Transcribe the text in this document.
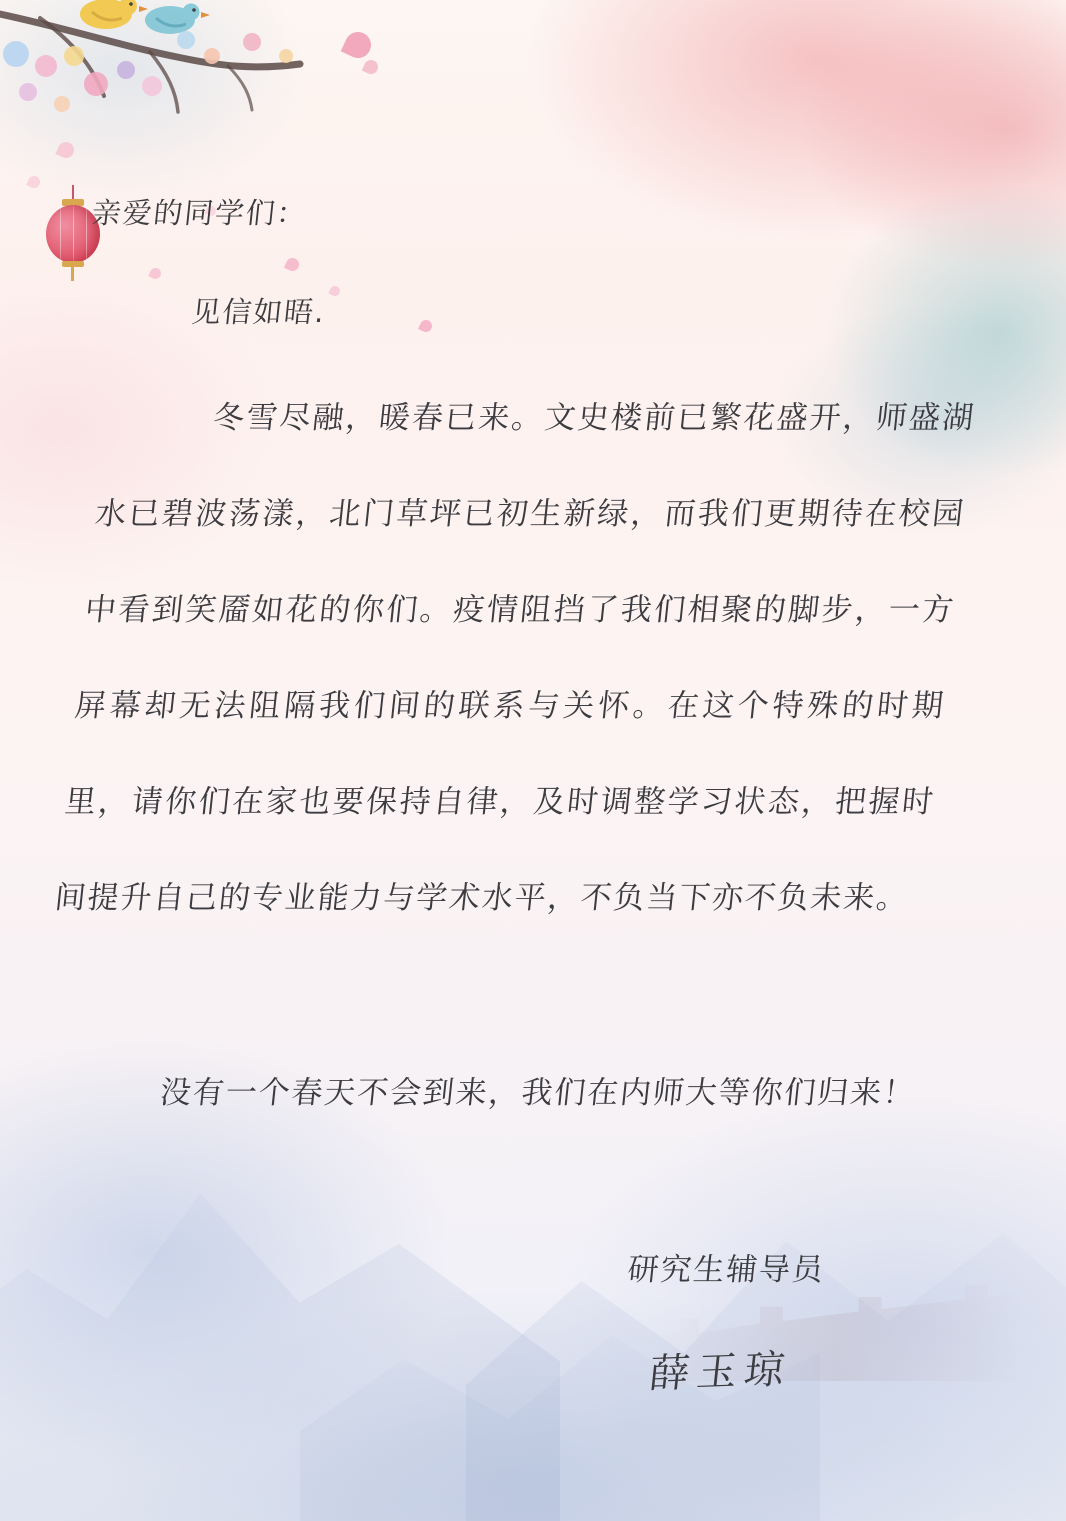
亲爱的同学们：
见信如晤.
冬雪尽融，暖春已来。文史楼前已繁花盛开，师盛湖水已碧波荡漾，北门草坪已初生新绿，而我们更期待在校园中看到笑靥如花的你们。疫情阻挡了我们相聚的脚步，一方屏幕却无法阻隔我们间的联系与关怀。在这个特殊的时期里，请你们在家也要保持自律，及时调整学习状态，把握时间提升自己的专业能力与学术水平，不负当下亦不负未来。
没有一个春天不会到来，我们在内师大等你们归来！
研究生辅导员
薛玉琼
